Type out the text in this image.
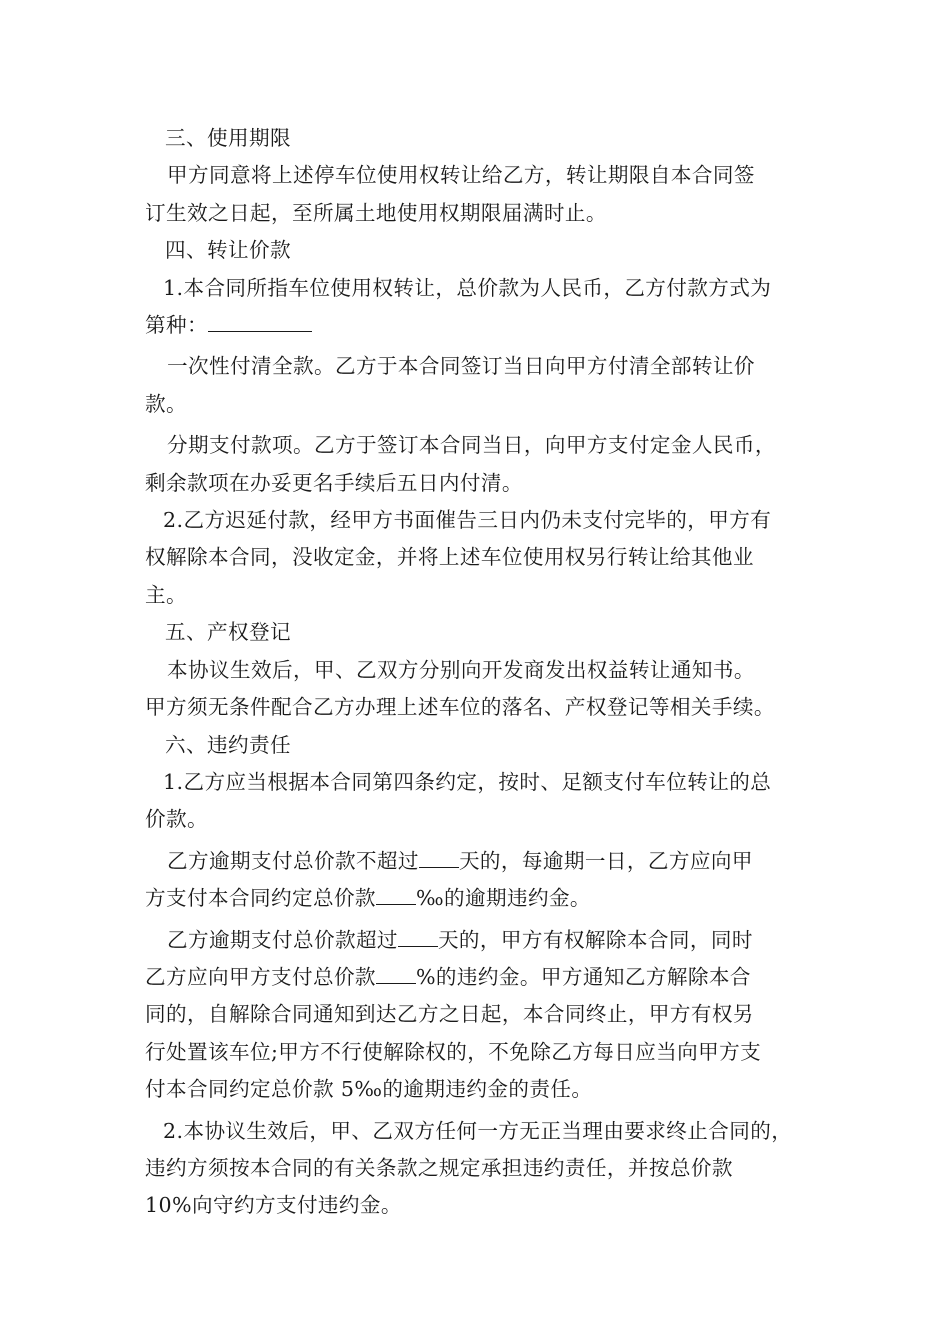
三、使用期限

甲方同意将上述停车位使用权转让给乙方，转让期限自本合同签

订生效之日起，至所属土地使用权期限届满时止。

四、转让价款

1.本合同所指车位使用权转让，总价款为人民币，乙方付款方式为

第种：

一次性付清全款。乙方于本合同签订当日向甲方付清全部转让价

款。

分期支付款项。乙方于签订本合同当日，向甲方支付定金人民币，

剩余款项在办妥更名手续后五日内付清。

2.乙方迟延付款，经甲方书面催告三日内仍未支付完毕的，甲方有

权解除本合同，没收定金，并将上述车位使用权另行转让给其他业

主。

五、产权登记

本协议生效后，甲、乙双方分别向开发商发出权益转让通知书。

甲方须无条件配合乙方办理上述车位的落名、产权登记等相关手续。

六、违约责任

1.乙方应当根据本合同第四条约定，按时、足额支付车位转让的总

价款。

乙方逾期支付总价款不超过 天的，每逾期一日，乙方应向甲

方支付本合同约定总价款 ‰的逾期违约金。

乙方逾期支付总价款超过 天的，甲方有权解除本合同，同时

乙方应向甲方支付总价款 %的违约金。甲方通知乙方解除本合

同的，自解除合同通知到达乙方之日起，本合同终止，甲方有权另

行处置该车位;甲方不行使解除权的，不免除乙方每日应当向甲方支

付本合同约定总价款 5‰的逾期违约金的责任。

2.本协议生效后，甲、乙双方任何一方无正当理由要求终止合同的，

违约方须按本合同的有关条款之规定承担违约责任，并按总价款

10%向守约方支付违约金。
